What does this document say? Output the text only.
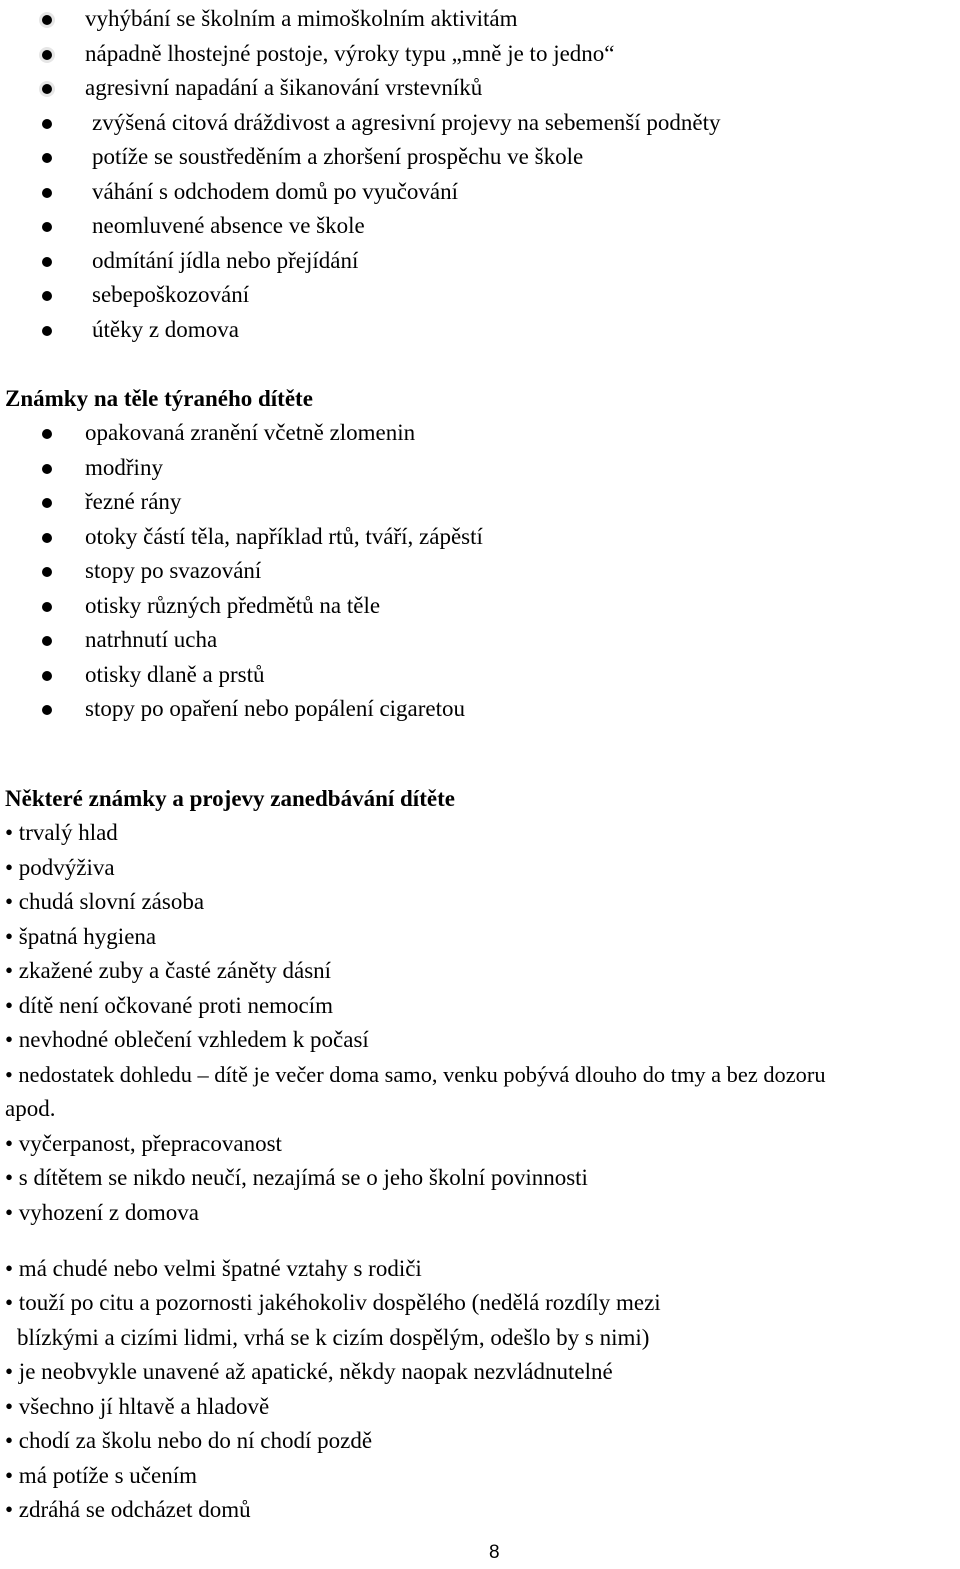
vyhýbání se školním a mimoškolním aktivitám
nápadně lhostejné postoje, výroky typu „mně je to jedno“
agresivní napadání a šikanování vrstevníků
zvýšená citová dráždivost a agresivní projevy na sebemenší podněty
potíže se soustředěním a zhoršení prospěchu ve škole
váhání s odchodem domů po vyučování
neomluvené absence ve škole
odmítání jídla nebo přejídání
sebepoškozování
útěky z domova
Známky na těle týraného dítěte
opakovaná zranění včetně zlomenin
modřiny
řezné rány
otoky částí těla, například rtů, tváří, zápěstí
stopy po svazování
otisky různých předmětů na těle
natrhnutí ucha
otisky dlaně a prstů
stopy po opaření nebo popálení cigaretou
Některé známky a projevy zanedbávání dítěte
• trvalý hlad
• podvýživa
• chudá slovní zásoba
• špatná hygiena
• zkažené zuby a časté záněty dásní
• dítě není očkované proti nemocím
• nevhodné oblečení vzhledem k počasí
• nedostatek dohledu – dítě je večer doma samo, venku pobývá dlouho do tmy a bez dozoru
apod.
• vyčerpanost, přepracovanost
• s dítětem se nikdo neučí, nezajímá se o jeho školní povinnosti
• vyhození z domova
• má chudé nebo velmi špatné vztahy s rodiči
• touží po citu a pozornosti jakéhokoliv dospělého (nedělá rozdíly mezi
blízkými a cizími lidmi, vrhá se k cizím dospělým, odešlo by s nimi)
• je neobvykle unavené až apatické, někdy naopak nezvládnutelné
• všechno jí hltavě a hladově
• chodí za školu nebo do ní chodí pozdě
• má potíže s učením
• zdráhá se odcházet domů
8
